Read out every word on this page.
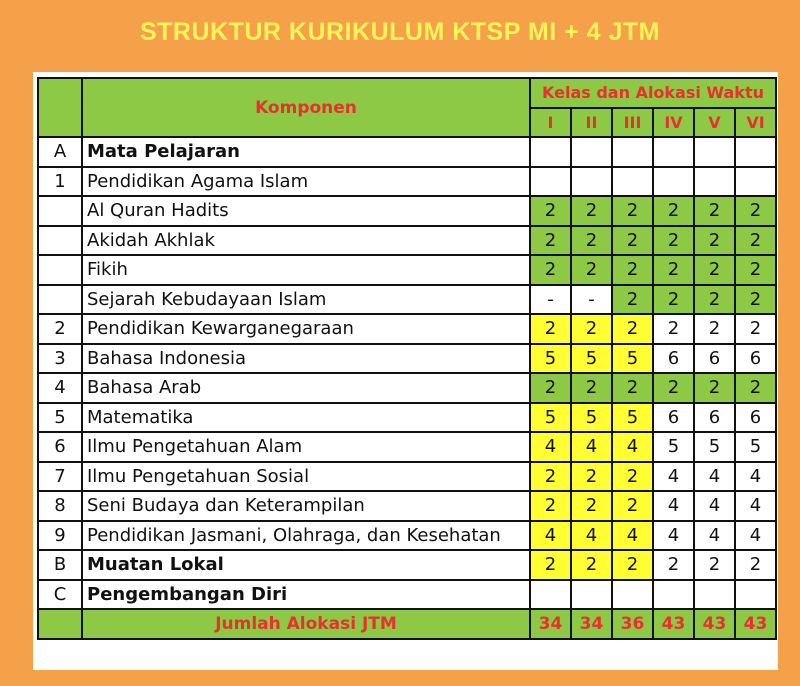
STRUKTUR KURIKULUM KTSP MI + 4 JTM
	Komponen	Kelas dan Alokasi Waktu					
		I	II	III	IV	V	VI
A	Mata Pelajaran						
1	Pendidikan Agama Islam						
	Al Quran Hadits	2	2	2	2	2	2
	Akidah Akhlak	2	2	2	2	2	2
	Fikih	2	2	2	2	2	2
	Sejarah Kebudayaan Islam	-	-	2	2	2	2
2	Pendidikan Kewarganegaraan	2	2	2	2	2	2
3	Bahasa Indonesia	5	5	5	6	6	6
4	Bahasa Arab	2	2	2	2	2	2
5	Matematika	5	5	5	6	6	6
6	Ilmu Pengetahuan Alam	4	4	4	5	5	5
7	Ilmu Pengetahuan Sosial	2	2	2	4	4	4
8	Seni Budaya dan Keterampilan	2	2	2	4	4	4
9	Pendidikan Jasmani, Olahraga, dan Kesehatan	4	4	4	4	4	4
B	Muatan Lokal	2	2	2	2	2	2
C	Pengembangan Diri						
	Jumlah Alokasi JTM	34	34	36	43	43	43
